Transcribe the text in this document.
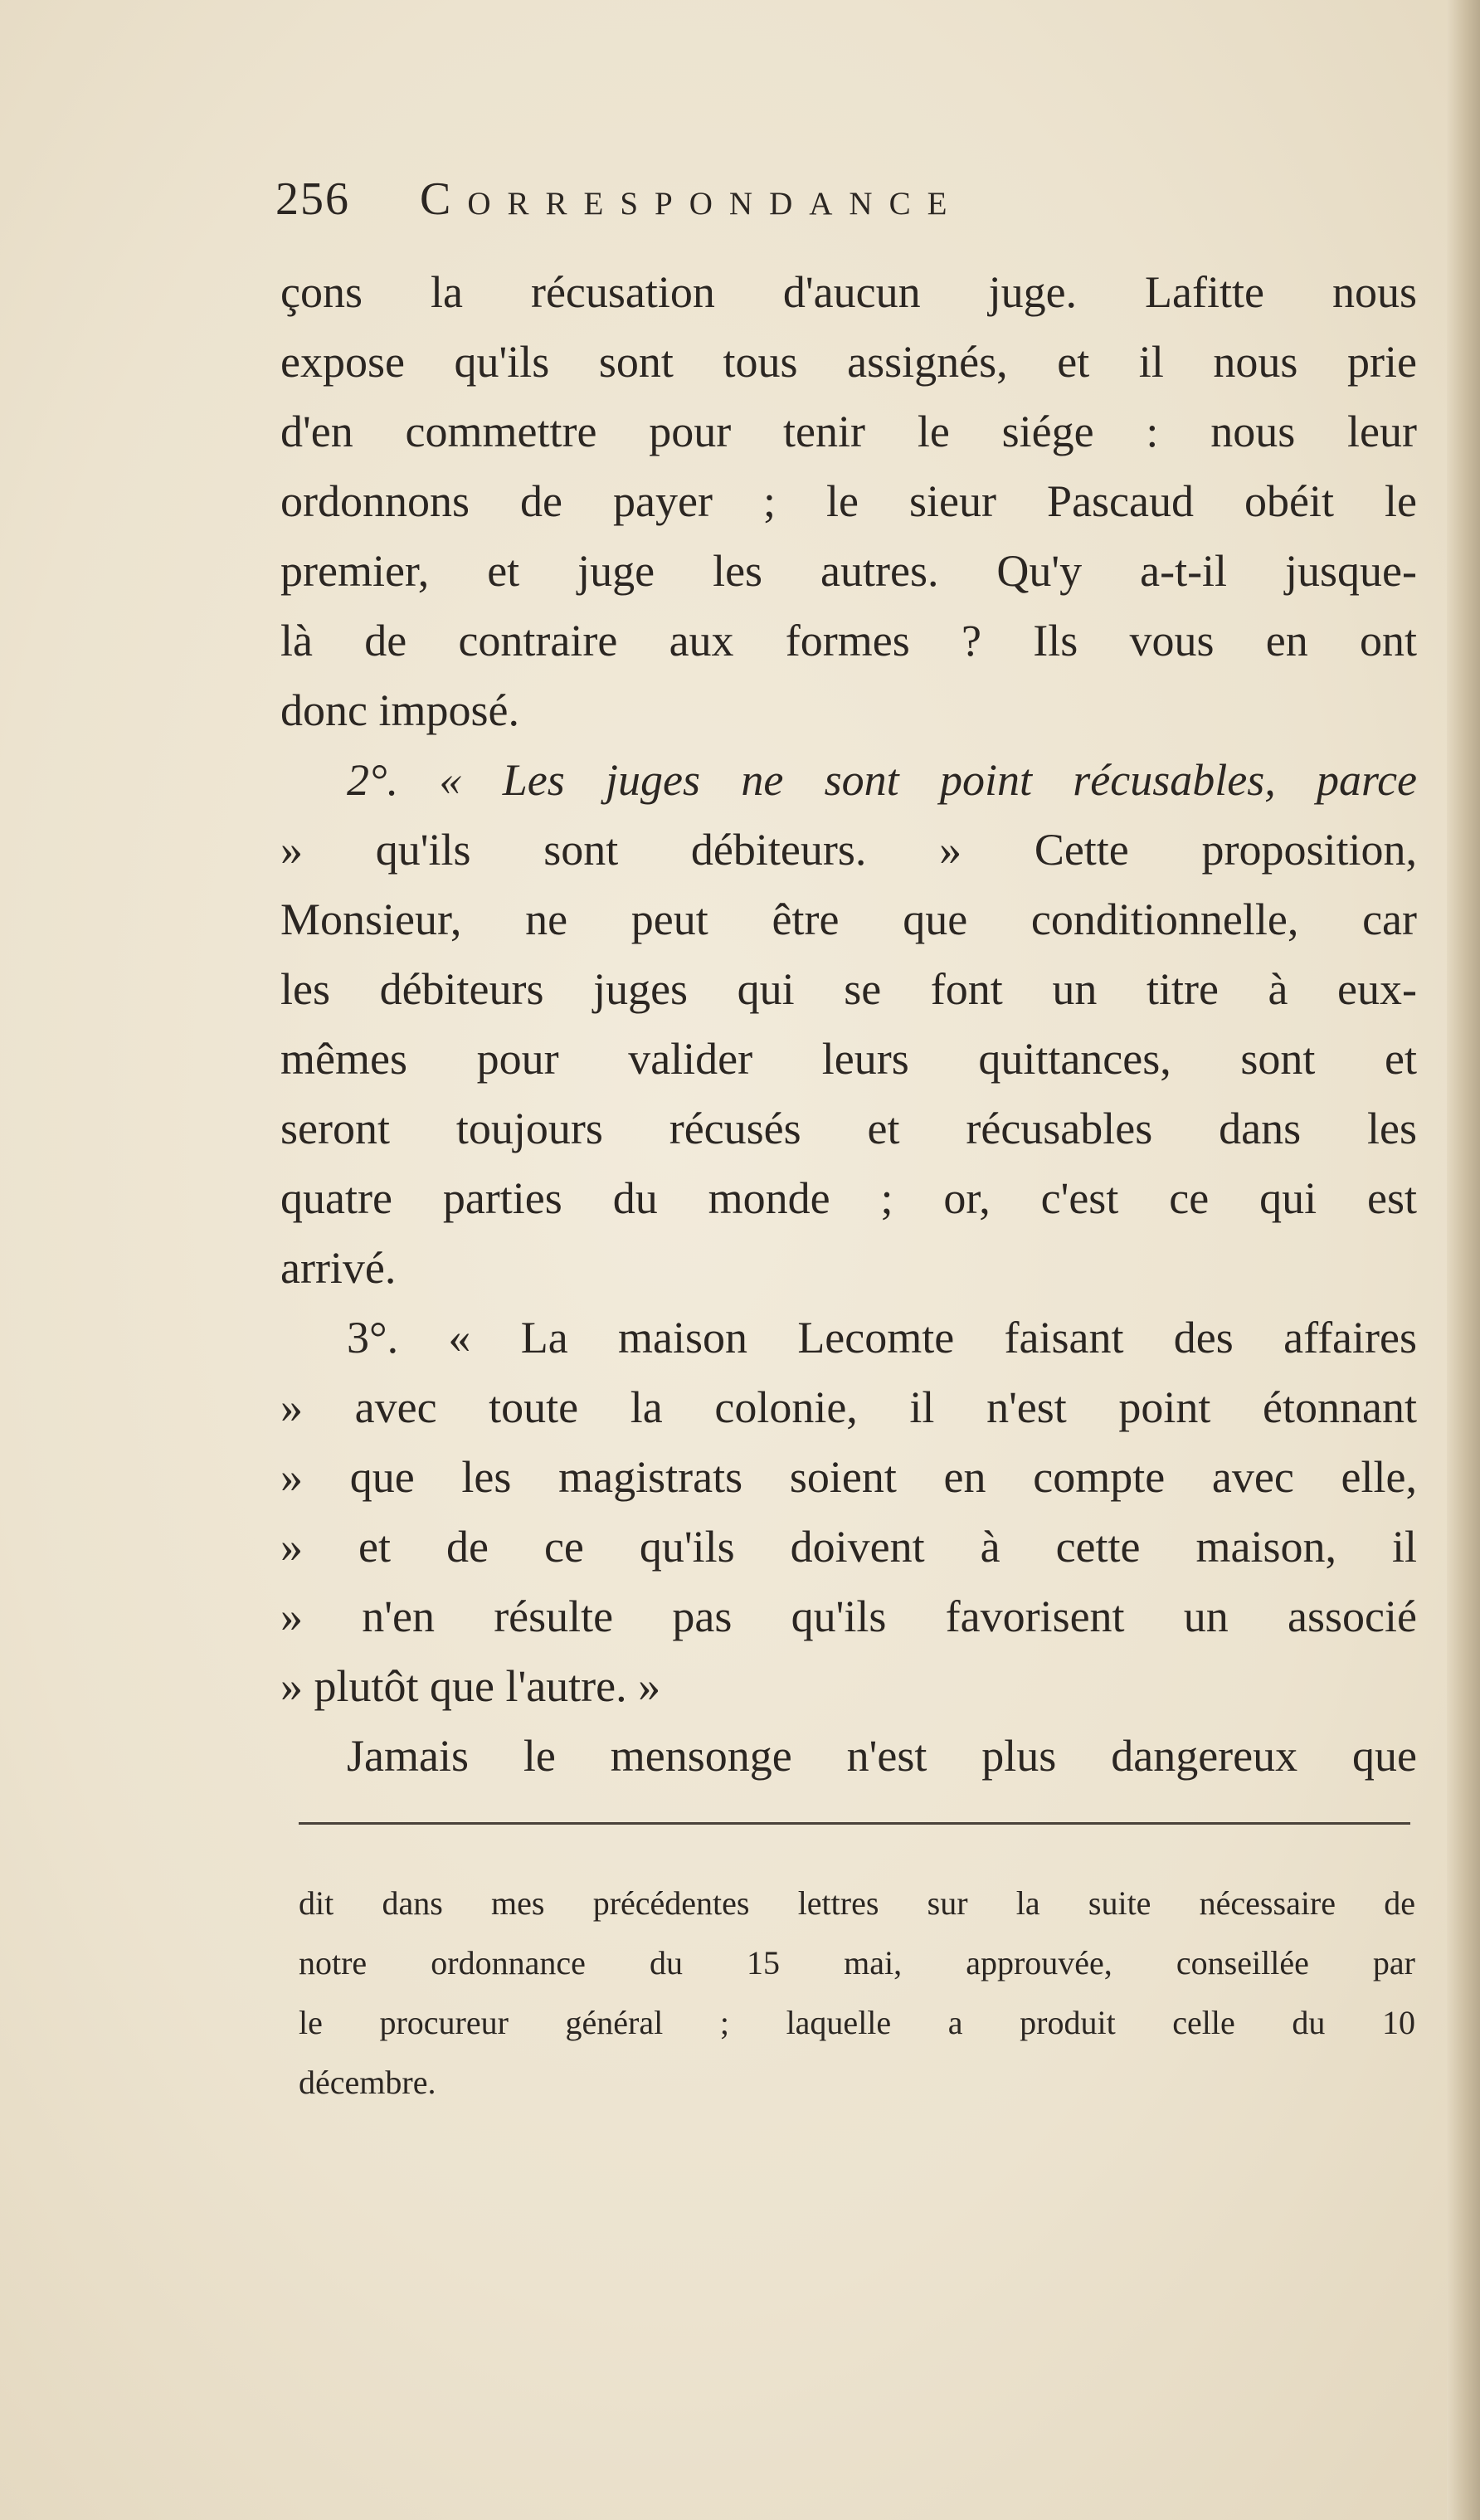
256 Correspondance
çons la récusation d'aucun juge. Lafitte nous
expose qu'ils sont tous assignés, et il nous prie
d'en commettre pour tenir le siége : nous leur
ordonnons de payer ; le sieur Pascaud obéit le
premier, et juge les autres. Qu'y a-t-il jusque-
là de contraire aux formes ? Ils vous en ont
donc imposé.
2°. « Les juges ne sont point récusables, parce
» qu'ils sont débiteurs. » Cette proposition,
Monsieur, ne peut être que conditionnelle, car
les débiteurs juges qui se font un titre à eux-
mêmes pour valider leurs quittances, sont et
seront toujours récusés et récusables dans les
quatre parties du monde ; or, c'est ce qui est
arrivé.
3°. « La maison Lecomte faisant des affaires
» avec toute la colonie, il n'est point étonnant
» que les magistrats soient en compte avec elle,
» et de ce qu'ils doivent à cette maison, il
» n'en résulte pas qu'ils favorisent un associé
» plutôt que l'autre. »
Jamais le mensonge n'est plus dangereux que
dit dans mes précédentes lettres sur la suite nécessaire de
notre ordonnance du 15 mai, approuvée, conseillée par
le procureur général ; laquelle a produit celle du 10
décembre.
